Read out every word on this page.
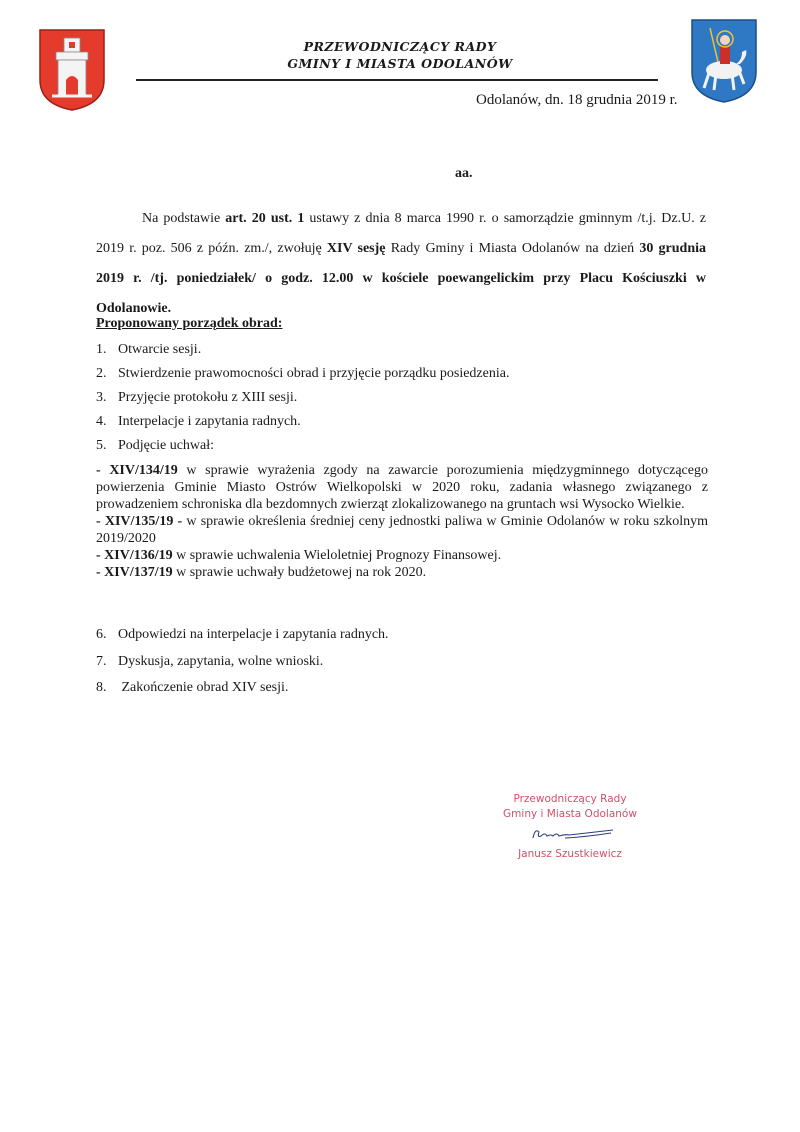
PRZEWODNICZĄCY RADY
GMINY I MIASTA ODOLANÓW
Odolanów, dn. 18 grudnia 2019 r.
aa.
Na podstawie art. 20 ust. 1 ustawy z dnia 8 marca 1990 r. o samorządzie gminnym /t.j. Dz.U. z 2019 r. poz. 506 z późn. zm./, zwołuję XIV sesję Rady Gminy i Miasta Odolanów na dzień 30 grudnia 2019 r. /tj. poniedziałek/ o godz. 12.00 w kościele poewangelickim przy Placu Kościuszki w Odolanowie.
Proponowany porządek obrad:
1. Otwarcie sesji.
2. Stwierdzenie prawomocności obrad i przyjęcie porządku posiedzenia.
3. Przyjęcie protokołu z XIII sesji.
4. Interpelacje i zapytania radnych.
5. Podjęcie uchwał:

- XIV/134/19 w sprawie wyrażenia zgody na zawarcie porozumienia międzygminnego dotyczącego powierzenia Gminie Miasto Ostrów Wielkopolski w 2020 roku, zadania własnego związanego z prowadzeniem schroniska dla bezdomnych zwierząt zlokalizowanego na gruntach wsi Wysocko Wielkie.

- XIV/135/19 - w sprawie określenia średniej ceny jednostki paliwa w Gminie Odolanów w roku szkolnym 2019/2020

- XIV/136/19 w sprawie uchwalenia Wieloletniej Prognozy Finansowej.

- XIV/137/19 w sprawie uchwały budżetowej na rok 2020.

6. Odpowiedzi na interpelacje i zapytania radnych.
7. Dyskusja, zapytania, wolne wnioski.
8. Zakończenie obrad XIV sesji.
Przewodniczący Rady
Gminy i Miasta Odolanów
Janusz Szustkiewicz
